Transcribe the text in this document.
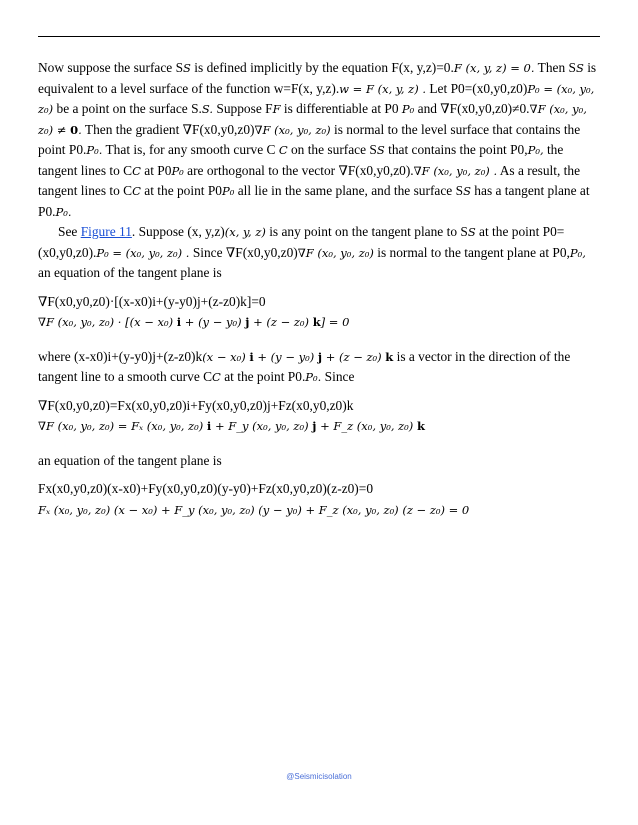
Now suppose the surface SS is defined implicitly by the equation F(x, y,z)=0.F (x, y, z) = 0. Then SS is equivalent to a level surface of the function w=F(x, y,z).w = F (x, y, z) . Let P0=(x0,y0,z0)P₀ = (x₀, y₀, z₀) be a point on the surface S.S. Suppose FF is differentiable at P0 P₀ and ∇F(x0,y0,z0)≠0.∇F (x₀, y₀, z₀) ≠ 0. Then the gradient ∇F(x0,y0,z0)∇F (x₀, y₀, z₀) is normal to the level surface that contains the point P0.P₀. That is, for any smooth curve C C on the surface SS that contains the point P0,P₀, the tangent lines to CC at P0P₀ are orthogonal to the vector ∇F(x0,y0,z0).∇F (x₀, y₀, z₀) . As a result, the tangent lines to CC at the point P0P₀ all lie in the same plane, and the surface SS has a tangent plane at P0.P₀.

See Figure 11. Suppose (x, y,z)(x, y, z) is any point on the tangent plane to SS at the point P0=(x0,y0,z0).P₀ = (x₀, y₀, z₀) . Since ∇F(x0,y0,z0)∇F (x₀, y₀, z₀) is normal to the tangent plane at P0,P₀, an equation of the tangent plane is

∇F(x0,y0,z0)·[(x-x0)i+(y-y0)j+(z-z0)k]=0

∇F (x₀, y₀, z₀) · [(x − x₀) i + (y − y₀) j + (z − z₀) k] = 0

where (x-x0)i+(y-y0)j+(z-z0)k(x − x₀) i + (y − y₀) j + (z − z₀) k is a vector in the direction of the tangent line to a smooth curve CC at the point P0.P₀. Since

∇F(x0,y0,z0)=Fx(x0,y0,z0)i+Fy(x0,y0,z0)j+Fz(x0,y0,z0)k

∇F (x₀, y₀, z₀) = Fₓ (x₀, y₀, z₀) i + F_y (x₀, y₀, z₀) j + F_z (x₀, y₀, z₀) k

an equation of the tangent plane is

Fx(x0,y0,z0)(x-x0)+Fy(x0,y0,z0)(y-y0)+Fz(x0,y0,z0)(z-z0)=0

Fₓ (x₀, y₀, z₀) (x − x₀) + F_y (x₀, y₀, z₀) (y − y₀) + F_z (x₀, y₀, z₀) (z − z₀) = 0

@Seismicisolation
